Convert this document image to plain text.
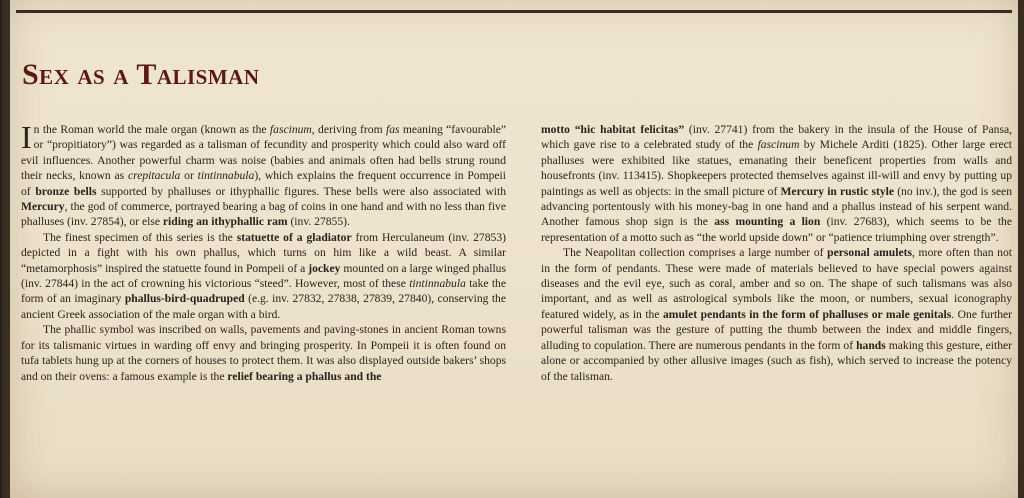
Sex as a Talisman

In the Roman world the male organ (known as the fascinum, deriving from fas meaning “favourable” or “propitiatory”) was regarded as a talisman of fecundity and prosperity which could also ward off evil influences. Another powerful charm was noise (babies and animals often had bells strung round their necks, known as crepitacula or tintinnabula), which explains the frequent occurrence in Pompeii of bronze bells supported by phalluses or ithyphallic figures. These bells were also associated with Mercury, the god of commerce, portrayed bearing a bag of coins in one hand and with no less than five phalluses (inv. 27854), or else riding an ithyphallic ram (inv. 27855).

The finest specimen of this series is the statuette of a gladiator from Herculaneum (inv. 27853) depicted in a fight with his own phallus, which turns on him like a wild beast. A similar “metamorphosis” inspired the statuette found in Pompeii of a jockey mounted on a large winged phallus (inv. 27844) in the act of crowning his victorious “steed”. However, most of these tintinnabula take the form of an imaginary phallus-bird-quadruped (e.g. inv. 27832, 27838, 27839, 27840), conserving the ancient Greek association of the male organ with a bird.

The phallic symbol was inscribed on walls, pavements and paving-stones in ancient Roman towns for its talismanic virtues in warding off envy and bringing prosperity. In Pompeii it is often found on tufa tablets hung up at the corners of houses to protect them. It was also displayed outside bakers’ shops and on their ovens: a famous example is the relief bearing a phallus and the

motto “hic habitat felicitas” (inv. 27741) from the bakery in the insula of the House of Pansa, which gave rise to a celebrated study of the fascinum by Michele Arditi (1825). Other large erect phalluses were exhibited like statues, emanating their beneficent properties from walls and housefronts (inv. 113415). Shopkeepers protected themselves against ill-will and envy by putting up paintings as well as objects: in the small picture of Mercury in rustic style (no inv.), the god is seen advancing portentously with his money-bag in one hand and a phallus instead of his serpent wand. Another famous shop sign is the ass mounting a lion (inv. 27683), which seems to be the representation of a motto such as “the world upside down” or “patience triumphing over strength”.

The Neapolitan collection comprises a large number of personal amulets, more often than not in the form of pendants. These were made of materials believed to have special powers against diseases and the evil eye, such as coral, amber and so on. The shape of such talismans was also important, and as well as astrological symbols like the moon, or numbers, sexual iconography featured widely, as in the amulet pendants in the form of phalluses or male genitals. One further powerful talisman was the gesture of putting the thumb between the index and middle fingers, alluding to copulation. There are numerous pendants in the form of hands making this gesture, either alone or accompanied by other allusive images (such as fish), which served to increase the potency of the talisman.
